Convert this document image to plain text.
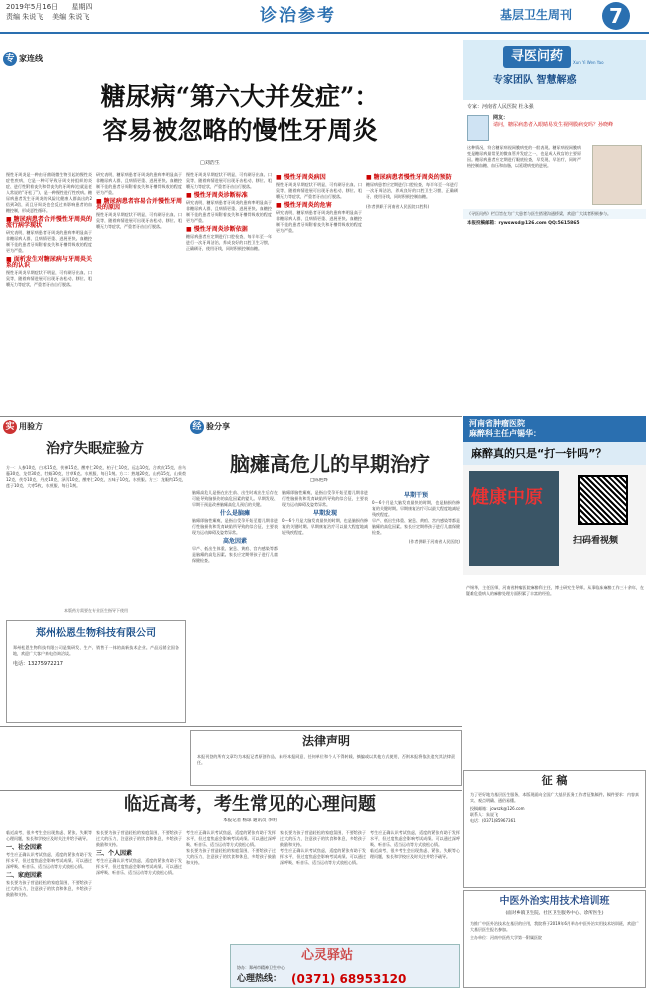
2019年5月16日 星期四
责编 朱说飞 美编 朱说飞	诊治参考	基层卫生周刊	7
专 家连线
糖尿病“第六大并发症”：
容易被忽略的慢性牙周炎
□刘浩生

慢性牙周炎是一种由牙菌斑微生物引起的慢性炎症性疾病，它是一种可导致牙周支持组织的炎症、进行性附着丧失和骨丧失的牙周病(也就是老人常说的“牙松了”)，是一种慢性进行性疾病。糖尿病患者发生牙周炎的风险比健康人群高出约2倍到3倍，而且牙周炎也会反过来影响患者的血糖控制，形成恶性循环。

■ 糖尿病患者合并慢性牙周炎的流行病学现状

研究表明，糖尿病患者牙周炎的患病率明显高于非糖尿病人群，且病情更重、进展更快。血糖控制不佳的患者牙周附着丧失和牙槽骨吸收的程度更为严重。

■ 面析发生对糖尿病与牙周炎关系的认识

慢性牙周炎早期症状不明显，可有刷牙出血、口臭等，随着病情进展可出现牙齿松动、移位、咀嚼无力等症状，严重者牙齿自行脱落。

研究表明，糖尿病患者牙周炎的患病率明显高于非糖尿病人群，且病情更重、进展更快。血糖控制不佳的患者牙周附着丧失和牙槽骨吸收的程度更为严重。

■ 糖尿病患者容易合并慢性牙周炎的原因

慢性牙周炎早期症状不明显，可有刷牙出血、口臭等，随着病情进展可出现牙齿松动、移位、咀嚼无力等症状，严重者牙齿自行脱落。

慢性牙周炎早期症状不明显，可有刷牙出血、口臭等，随着病情进展可出现牙齿松动、移位、咀嚼无力等症状，严重者牙齿自行脱落。

■ 慢性牙周炎诊断标准

研究表明，糖尿病患者牙周炎的患病率明显高于非糖尿病人群，且病情更重、进展更快。血糖控制不佳的患者牙周附着丧失和牙槽骨吸收的程度更为严重。

■ 慢性牙周炎诊断依据

糖尿病患者应定期进行口腔检查，每半年至一年进行一次牙周洁治，养成良好的口腔卫生习惯，正确刷牙，使用牙线，同时积极控制血糖。

■ 慢性牙周炎病因

慢性牙周炎早期症状不明显，可有刷牙出血、口臭等，随着病情进展可出现牙齿松动、移位、咀嚼无力等症状，严重者牙齿自行脱落。

■ 慢性牙周炎的危害

研究表明，糖尿病患者牙周炎的患病率明显高于非糖尿病人群，且病情更重、进展更快。血糖控制不佳的患者牙周附着丧失和牙槽骨吸收的程度更为严重。

■ 糖尿病患者慢性牙周炎的预防

糖尿病患者应定期进行口腔检查，每半年至一年进行一次牙周洁治，养成良好的口腔卫生习惯，正确刷牙，使用牙线，同时积极控制血糖。

(作者供职于河南省人民医院口腔科)

寻医问药	Xun Yi Wen Yao
专家团队 智慧解惑
专家：河南省人民医院 杜永强
网友：
请问，糖尿病患者入眼睛易发生视网膜病变吗？孙晓峰
这种情况，符合糖尿病视网膜病变的一般表现。糖尿病视网膜病变是糖尿病最常见的微血管并发症之一，也是成人致盲的主要原因。糖尿病患者应定期进行眼底检查，早发现、早治疗，同时严格控制血糖、血压和血脂，以延缓病变的进展。
《寻医问药》栏目旨在为广大患者与医生搭建沟通桥梁，欢迎广大读者积极参与。
本报投稿邮箱：rywswsd@126.com QQ:5615865
实 用验方
治疗失眠症验方
方一：人参10克，白术15克，茯神15克，酸枣仁20克，柏子仁10克，远志10克，合欢皮15克，首乌藤30克，龙骨30克，牡蛎30克，甘草6克。水煎服，每日1剂。方二：熟地20克，山药15克，山茱萸12克，茯苓10克，丹皮10克，泽泻10克，酸枣仁20克，五味子10克。水煎服。方三：龙眼肉15克，莲子10克，大枣5枚，水煎服，每日1剂。
本版药方需要在专业医生指导下使用
郑州松恩生物科技有限公司
郑州松恩生物科技有限公司是集研发、生产、销售于一体的高新技术企业。产品远销全国各地，欢迎广大客户来电咨询洽谈。
电话：13275972217
经 验分享
脑瘫高危儿的早期治疗
□陈艳烨

脑瘫高危儿是指在出生前、出生时或出生后存在可能导致脑损伤的高危因素的婴儿。早期发现、早期干预是改善脑瘫高危儿预后的关键。

什么是脑瘫

脑瘫即脑性瘫痪，是指自受孕开始至婴儿期非进行性脑损伤和发育缺陷所导致的综合征，主要表现为运动障碍及姿势异常。

高危因素

早产、低出生体重、窒息、黄疸、宫内感染等都是脑瘫的高危因素。家长应定期带孩子进行儿童保健检查。

脑瘫即脑性瘫痪，是指自受孕开始至婴儿期非进行性脑损伤和发育缺陷所导致的综合征，主要表现为运动障碍及姿势异常。

早期发现

0～6个月是大脑发育最快的时期，也是脑损伤修复的关键时期。早期康复治疗可以最大程度地减轻残疾程度。

早期干预

0～6个月是大脑发育最快的时期，也是脑损伤修复的关键时期。早期康复治疗可以最大程度地减轻残疾程度。

早产、低出生体重、窒息、黄疸、宫内感染等都是脑瘫的高危因素。家长应定期带孩子进行儿童保健检查。

(作者供职于河南省人民医院)

河南省肿瘤医院
麻醉科主任卢锡华：
麻醉真的只是“打一针吗”？
健康中原
扫码看视频
卢锡华，主任医师，河南省肿瘤医院麻醉科主任，博士研究生导师。从事临床麻醉工作三十余年，在疑难危重病人的麻醉处理方面积累了丰富的经验。
法律声明
本报刊登的所有文章均为本报记者原创作品，未经本报同意，任何单位和个人不得转载、摘编或以其他方式使用，否则本报将依法追究其法律责任。
临近高考，考生常见的心理问题
本报记者 杨琼 通讯员 李明

临近高考，很多考生会出现焦虑、紧张、失眠等心理问题，家长和学校应及时关注并给予疏导。

一、社会因素

考生应正确认识考试焦虑，适度的紧张有助于发挥水平，但过度焦虑会影响考试成绩。可以通过深呼吸、听音乐、适当运动等方式放松心情。

二、家庭因素

家长要为孩子营造轻松的家庭氛围，不要给孩子过大的压力，注意孩子的饮食和休息，多给孩子鼓励和支持。

家长要为孩子营造轻松的家庭氛围，不要给孩子过大的压力，注意孩子的饮食和休息，多给孩子鼓励和支持。

三、个人因素

考生应正确认识考试焦虑，适度的紧张有助于发挥水平，但过度焦虑会影响考试成绩。可以通过深呼吸、听音乐、适当运动等方式放松心情。

考生应正确认识考试焦虑，适度的紧张有助于发挥水平，但过度焦虑会影响考试成绩。可以通过深呼吸、听音乐、适当运动等方式放松心情。

家长要为孩子营造轻松的家庭氛围，不要给孩子过大的压力，注意孩子的饮食和休息，多给孩子鼓励和支持。

家长要为孩子营造轻松的家庭氛围，不要给孩子过大的压力，注意孩子的饮食和休息，多给孩子鼓励和支持。

考生应正确认识考试焦虑，适度的紧张有助于发挥水平，但过度焦虑会影响考试成绩。可以通过深呼吸、听音乐、适当运动等方式放松心情。

考生应正确认识考试焦虑，适度的紧张有助于发挥水平，但过度焦虑会影响考试成绩。可以通过深呼吸、听音乐、适当运动等方式放松心情。

临近高考，很多考生会出现焦虑、紧张、失眠等心理问题，家长和学校应及时关注并给予疏导。

心灵驿站
协办：郑州市精神卫生中心
心理热线： (0371) 68953120
征 稿
为了更好地为基层医生服务，本版现面向全国广大基层医务工作者征集稿件。稿件要求：内容真实、观点明确、通俗易懂。
投稿邮箱：jcwszk@126.com
联系人：朱说飞
电话：(0371)85967361
中医外治实用技术培训班
(面对乡镇卫生院、社区卫生服务中心、诊所医生)
为推广中医外治技术在基层的应用，我院将于2019年6月举办中医外治实用技术培训班，欢迎广大基层医生报名参加。
主办单位：河南中医药大学第一附属医院
